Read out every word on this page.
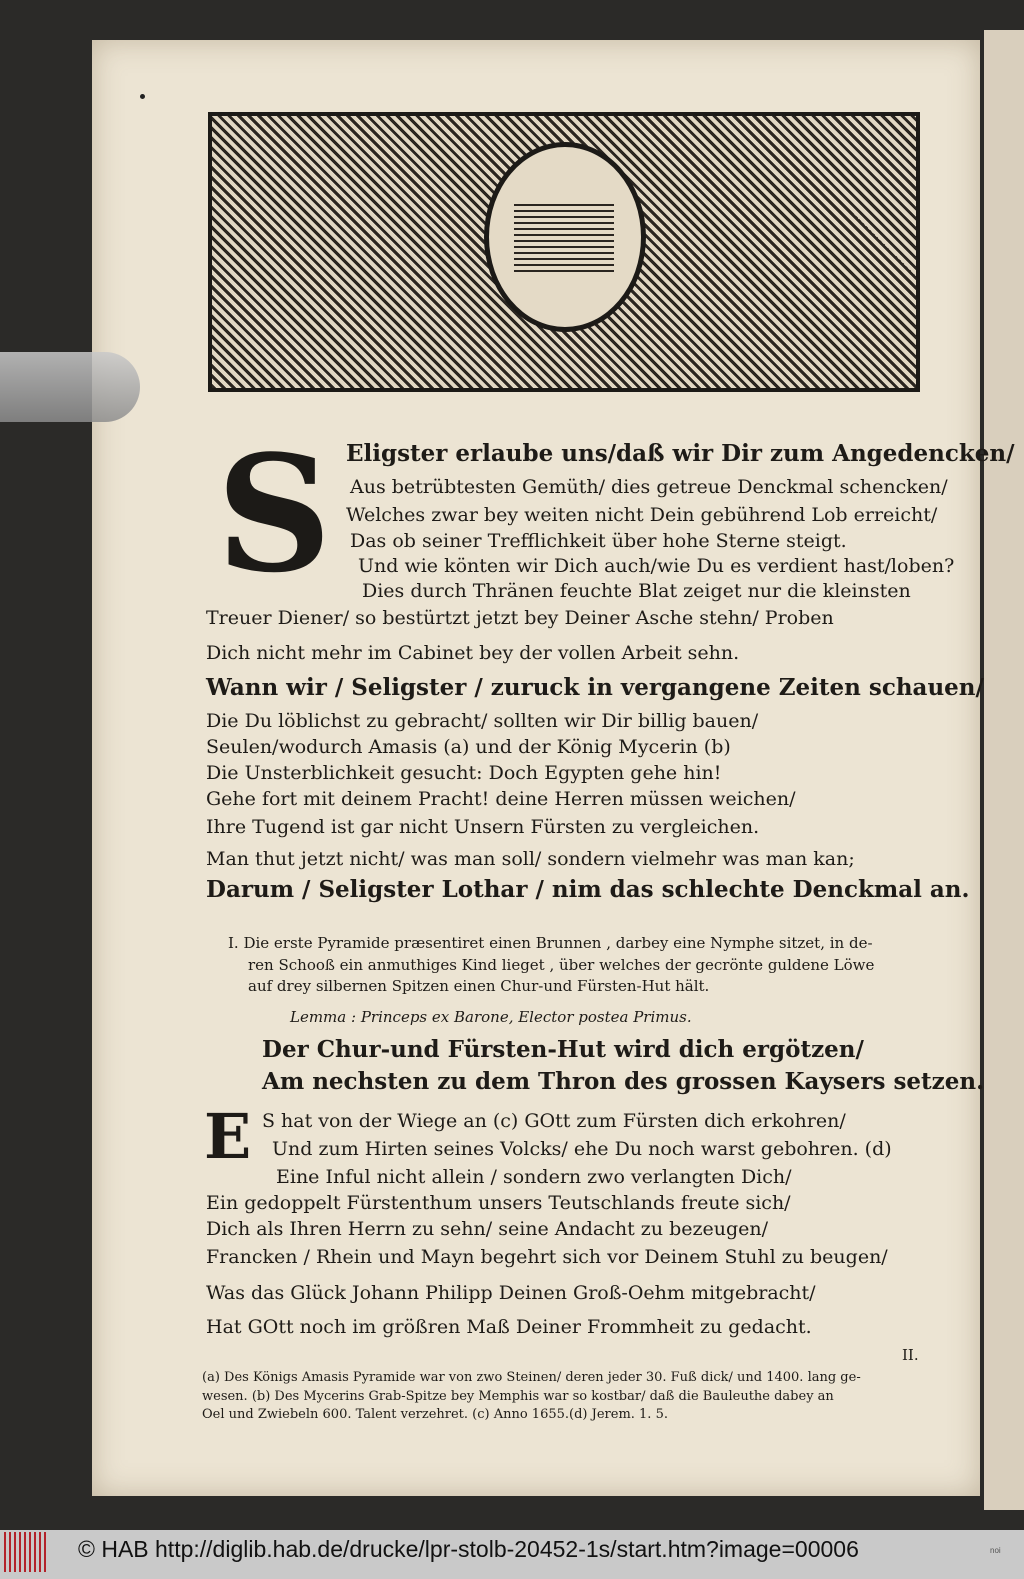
S Eligster erlaube uns/daß wir Dir zum Angedencken/
Aus betrübtesten Gemüth/ dies getreue Denckmal schencken/
Welches zwar bey weiten nicht Dein gebührend Lob erreicht/
Das ob seiner Trefflichkeit über hohe Sterne steigt.
Und wie könten wir Dich auch/wie Du es verdient hast/loben?
Dies durch Thränen feuchte Blat zeiget nur die kleinsten
Treuer Diener/ so bestürtzt jetzt bey Deiner Asche stehn/ Proben
Dich nicht mehr im Cabinet bey der vollen Arbeit sehn.
Wann wir / Seligster / zuruck in vergangene Zeiten schauen/
Die Du löblichst zu gebracht/ sollten wir Dir billig bauen/
Seulen/wodurch Amasis (a) und der König Mycerin (b)
Die Unsterblichkeit gesucht: Doch Egypten gehe hin!
Gehe fort mit deinem Pracht! deine Herren müssen weichen/
Ihre Tugend ist gar nicht Unsern Fürsten zu vergleichen.
Man thut jetzt nicht/ was man soll/ sondern vielmehr was man kan;
Darum / Seligster Lothar / nim das schlechte Denckmal an.
I. Die erste Pyramide præsentiret einen Brunnen , darbey eine Nymphe sitzet, in de-
ren Schooß ein anmuthiges Kind lieget , über welches der gecrönte guldene Löwe
auf drey silbernen Spitzen einen Chur-und Fürsten-Hut hält.
Lemma : Princeps ex Barone, Elector postea Primus.
Der Chur-und Fürsten-Hut wird dich ergötzen/
Am nechsten zu dem Thron des grossen Kaysers setzen.
E S hat von der Wiege an (c) GOtt zum Fürsten dich erkohren/
Und zum Hirten seines Volcks/ ehe Du noch warst gebohren. (d)
Eine Inful nicht allein / sondern zwo verlangten Dich/
Ein gedoppelt Fürstenthum unsers Teutschlands freute sich/
Dich als Ihren Herrn zu sehn/ seine Andacht zu bezeugen/
Francken / Rhein und Mayn begehrt sich vor Deinem Stuhl zu beugen/
Was das Glück Johann Philipp Deinen Groß-Oehm mitgebracht/
Hat GOtt noch im größren Maß Deiner Frommheit zu gedacht.
II.
(a) Des Königs Amasis Pyramide war von zwo Steinen/ deren jeder 30. Fuß dick/ und 1400. lang ge-
wesen. (b) Des Mycerins Grab-Spitze bey Memphis war so kostbar/ daß die Bauleuthe dabey an
Oel und Zwiebeln 600. Talent verzehret. (c) Anno 1655.(d) Jerem. 1. 5.
© HAB http://diglib.hab.de/drucke/lpr-stolb-20452-1s/start.htm?image=00006	noi
